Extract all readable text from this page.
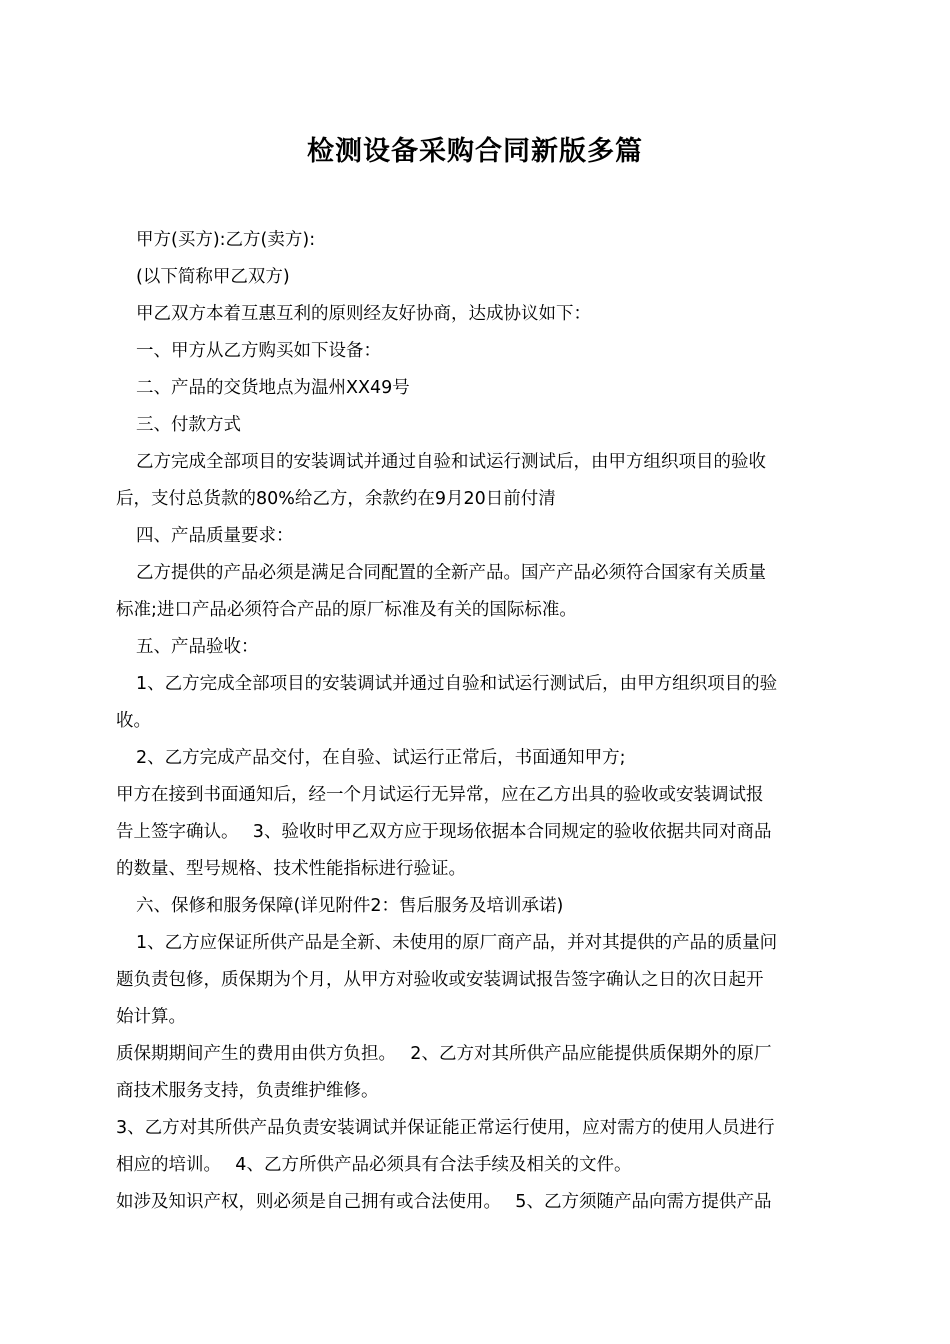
检测设备采购合同新版多篇

甲方(买方):乙方(卖方):

(以下简称甲乙双方)

甲乙双方本着互惠互利的原则经友好协商，达成协议如下：

一、甲方从乙方购买如下设备：

二、产品的交货地点为温州XX49号

三、付款方式

乙方完成全部项目的安装调试并通过自验和试运行测试后，由甲方组织项目的验收

后，支付总货款的80%给乙方，余款约在9月20日前付清

四、产品质量要求：

乙方提供的产品必须是满足合同配置的全新产品。国产产品必须符合国家有关质量

标准;进口产品必须符合产品的原厂标准及有关的国际标准。

五、产品验收：

1、乙方完成全部项目的安装调试并通过自验和试运行测试后，由甲方组织项目的验

收。

2、乙方完成产品交付，在自验、试运行正常后，书面通知甲方;

甲方在接到书面通知后，经一个月试运行无异常，应在乙方出具的验收或安装调试报

告上签字确认。　 3、验收时甲乙双方应于现场依据本合同规定的验收依据共同对商品

的数量、型号规格、技术性能指标进行验证。

六、保修和服务保障(详见附件2：售后服务及培训承诺)

1、乙方应保证所供产品是全新、未使用的原厂商产品，并对其提供的产品的质量问

题负责包修，质保期为个月，从甲方对验收或安装调试报告签字确认之日的次日起开

始计算。

质保期期间产生的费用由供方负担。　 2、乙方对其所供产品应能提供质保期外的原厂

商技术服务支持，负责维护维修。

3、乙方对其所供产品负责安装调试并保证能正常运行使用，应对需方的使用人员进行

相应的培训。　 4、乙方所供产品必须具有合法手续及相关的文件。

如涉及知识产权，则必须是自己拥有或合法使用。　 5、乙方须随产品向需方提供产品
